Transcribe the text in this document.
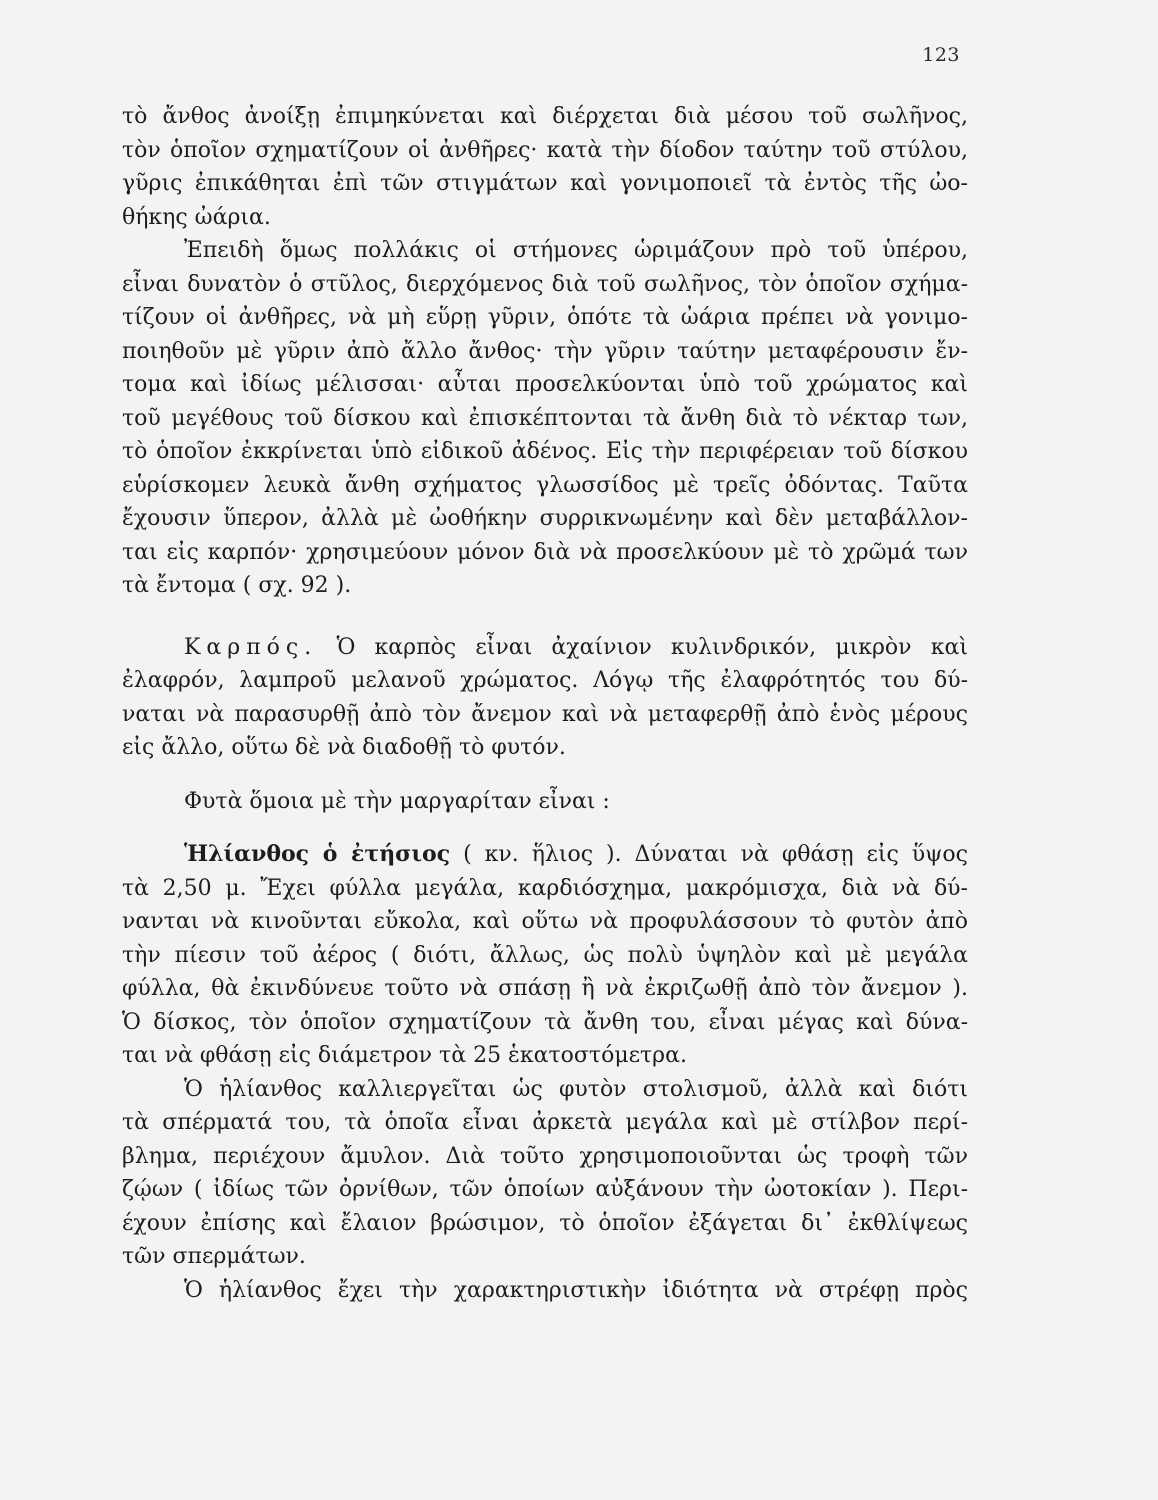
123
τὸ ἄνθος ἀνοίξῃ ἐπιμηκύνεται καὶ διέρχεται διὰ μέσου τοῦ σωλῆνος,
τὸν ὁποῖον σχηματίζουν οἱ ἀνθῆρες· κατὰ τὴν δίοδον ταύτην τοῦ στύλου,
γῦρις ἐπικάθηται ἐπὶ τῶν στιγμάτων καὶ γονιμοποιεῖ τὰ ἐντὸς τῆς ὠο-
θήκης ὠάρια.
Ἐπειδὴ ὅμως πολλάκις οἱ στήμονες ὡριμάζουν πρὸ τοῦ ὑπέρου,
εἶναι δυνατὸν ὁ στῦλος, διερχόμενος διὰ τοῦ σωλῆνος, τὸν ὁποῖον σχήμα-
τίζουν οἱ ἀνθῆρες, νὰ μὴ εὕρῃ γῦριν, ὁπότε τὰ ὠάρια πρέπει νὰ γονιμο-
ποιηθοῦν μὲ γῦριν ἀπὸ ἄλλο ἄνθος· τὴν γῦριν ταύτην μεταφέρουσιν ἔν-
τομα καὶ ἰδίως μέλισσαι· αὗται προσελκύονται ὑπὸ τοῦ χρώματος καὶ
τοῦ μεγέθους τοῦ δίσκου καὶ ἐπισκέπτονται τὰ ἄνθη διὰ τὸ νέκταρ των,
τὸ ὁποῖον ἐκκρίνεται ὑπὸ εἰδικοῦ ἀδένος. Εἰς τὴν περιφέρειαν τοῦ δίσκου
εὑρίσκομεν λευκὰ ἄνθη σχήματος γλωσσίδος μὲ τρεῖς ὀδόντας. Ταῦτα
ἔχουσιν ὕπερον, ἀλλὰ μὲ ὠοθήκην συρρικνωμένην καὶ δὲν μεταβάλλον-
ται εἰς καρπόν· χρησιμεύουν μόνον διὰ νὰ προσελκύουν μὲ τὸ χρῶμά των
τὰ ἔντομα ( σχ. 92 ).
Καρπός. Ὁ καρπὸς εἶναι ἀχαίνιον κυλινδρικόν, μικρὸν καὶ
ἐλαφρόν, λαμπροῦ μελανοῦ χρώματος. Λόγῳ τῆς ἐλαφρότητός του δύ-
ναται νὰ παρασυρθῇ ἀπὸ τὸν ἄνεμον καὶ νὰ μεταφερθῇ ἀπὸ ἑνὸς μέρους
εἰς ἄλλο, οὕτω δὲ νὰ διαδοθῇ τὸ φυτόν.
Φυτὰ ὅμοια μὲ τὴν μαργαρίταν εἶναι :
Ἡλίανθος ὁ ἐτήσιος ( κν. ἥλιος ). Δύναται νὰ φθάσῃ εἰς ὕψος
τὰ 2,50 μ. Ἔχει φύλλα μεγάλα, καρδιόσχημα, μακρόμισχα, διὰ νὰ δύ-
νανται νὰ κινοῦνται εὔκολα, καὶ οὕτω νὰ προφυλάσσουν τὸ φυτὸν ἀπὸ
τὴν πίεσιν τοῦ ἀέρος ( διότι, ἄλλως, ὡς πολὺ ὑψηλὸν καὶ μὲ μεγάλα
φύλλα, θὰ ἐκινδύνευε τοῦτο νὰ σπάσῃ ἢ νὰ ἐκριζωθῇ ἀπὸ τὸν ἄνεμον ).
Ὁ δίσκος, τὸν ὁποῖον σχηματίζουν τὰ ἄνθη του, εἶναι μέγας καὶ δύνα-
ται νὰ φθάσῃ εἰς διάμετρον τὰ 25 ἑκατοστόμετρα.
Ὁ ἡλίανθος καλλιεργεῖται ὡς φυτὸν στολισμοῦ, ἀλλὰ καὶ διότι
τὰ σπέρματά του, τὰ ὁποῖα εἶναι ἀρκετὰ μεγάλα καὶ μὲ στίλβον περί-
βλημα, περιέχουν ἄμυλον. Διὰ τοῦτο χρησιμοποιοῦνται ὡς τροφὴ τῶν
ζῴων ( ἰδίως τῶν ὀρνίθων, τῶν ὁποίων αὐξάνουν τὴν ὠοτοκίαν ). Περι-
έχουν ἐπίσης καὶ ἔλαιον βρώσιμον, τὸ ὁποῖον ἐξάγεται δι᾽ ἐκθλίψεως
τῶν σπερμάτων.
Ὁ ἡλίανθος ἔχει τὴν χαρακτηριστικὴν ἰδιότητα νὰ στρέφῃ πρὸς
